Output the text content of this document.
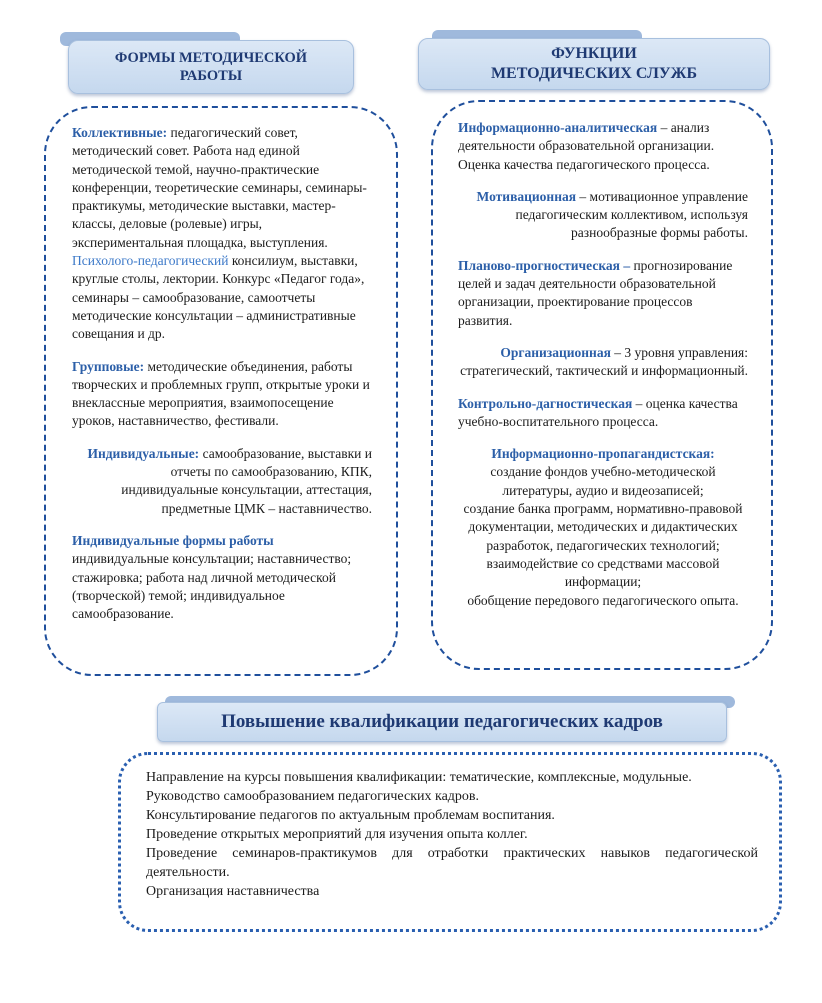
ФОРМЫ МЕТОДИЧЕСКОЙ РАБОТЫ
ФУНКЦИИ МЕТОДИЧЕСКИХ СЛУЖБ

Коллективные: педагогический совет, методический совет. Работа над единой методической темой, научно-практические конференции, теоретические семинары, семинары-практикумы, методические выставки, мастер-классы, деловые (ролевые) игры, экспериментальная площадка, выступления. Психолого-педагогический консилиум, выставки, круглые столы, лектории. Конкурс «Педагог года», семинары – самообразование, самоотчеты методические консультации – административные совещания и др.

Групповые: методические объединения, работы творческих и проблемных групп, открытые уроки и внеклассные мероприятия, взаимопосещение уроков, наставничество, фестивали.

Индивидуальные: самообразование, выставки и отчеты по самообразованию, КПК, индивидуальные консультации, аттестация, предметные ЦМК – наставничество.

Индивидуальные формы работы
индивидуальные консультации; наставничество; стажировка; работа над личной методической (творческой) темой; индивидуальное самообразование.

Информационно-аналитическая – анализ деятельности образовательной организации. Оценка качества педагогического процесса.

Мотивационная – мотивационное управление педагогическим коллективом, используя разнообразные формы работы.

Планово-прогностическая – прогнозирование целей и задач деятельности образовательной организации, проектирование процессов развития.

Организационная – 3 уровня управления: стратегический, тактический и информационный.

Контрольно-дагностическая – оценка качества учебно-воспитательного процесса.

Информационно-пропагандистская:
создание фондов учебно-методической литературы, аудио и видеозаписей;
создание банка программ, нормативно-правовой документации, методических и дидактических разработок, педагогических технологий;
взаимодействие со средствами массовой информации;
обобщение передового педагогического опыта.
Повышение квалификации педагогических кадров
Направление на курсы повышения квалификации: тематические, комплексные, модульные.
Руководство самообразованием педагогических кадров.
Консультирование педагогов по актуальным проблемам воспитания.
Проведение открытых мероприятий для изучения опыта коллег.
Проведение семинаров-практикумов для отработки практических навыков педагогической деятельности.
Организация наставничества
